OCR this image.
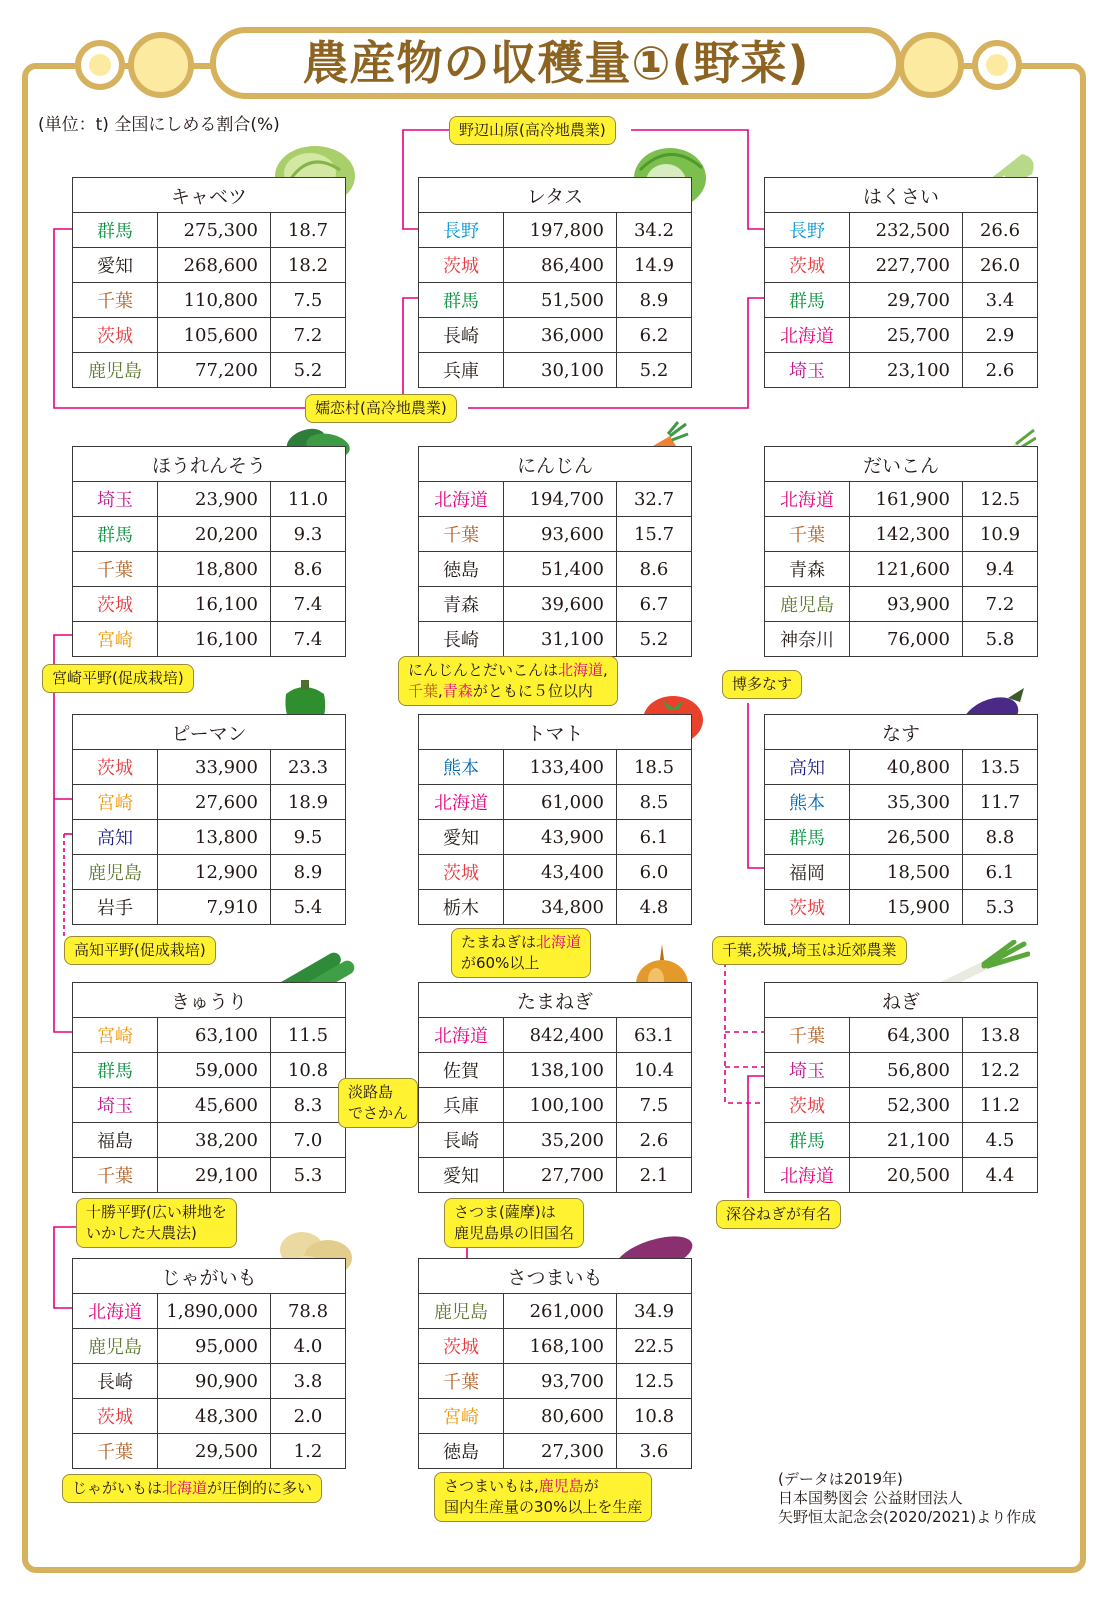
農産物の収穫量①(野菜)
(単位：t) 全国にしめる割合(%)
キャベツ		
群馬	275,300	18.7
愛知	268,600	18.2
千葉	110,800	7.5
茨城	105,600	7.2
鹿児島	77,200	5.2
レタス		
長野	197,800	34.2
茨城	86,400	14.9
群馬	51,500	8.9
長崎	36,000	6.2
兵庫	30,100	5.2
はくさい		
長野	232,500	26.6
茨城	227,700	26.0
群馬	29,700	3.4
北海道	25,700	2.9
埼玉	23,100	2.6
ほうれんそう		
埼玉	23,900	11.0
群馬	20,200	9.3
千葉	18,800	8.6
茨城	16,100	7.4
宮崎	16,100	7.4
にんじん		
北海道	194,700	32.7
千葉	93,600	15.7
徳島	51,400	8.6
青森	39,600	6.7
長崎	31,100	5.2
だいこん		
北海道	161,900	12.5
千葉	142,300	10.9
青森	121,600	9.4
鹿児島	93,900	7.2
神奈川	76,000	5.8
ピーマン		
茨城	33,900	23.3
宮崎	27,600	18.9
高知	13,800	9.5
鹿児島	12,900	8.9
岩手	7,910	5.4
トマト		
熊本	133,400	18.5
北海道	61,000	8.5
愛知	43,900	6.1
茨城	43,400	6.0
栃木	34,800	4.8
なす		
高知	40,800	13.5
熊本	35,300	11.7
群馬	26,500	8.8
福岡	18,500	6.1
茨城	15,900	5.3
きゅうり		
宮崎	63,100	11.5
群馬	59,000	10.8
埼玉	45,600	8.3
福島	38,200	7.0
千葉	29,100	5.3
たまねぎ		
北海道	842,400	63.1
佐賀	138,100	10.4
兵庫	100,100	7.5
長崎	35,200	2.6
愛知	27,700	2.1
ねぎ		
千葉	64,300	13.8
埼玉	56,800	12.2
茨城	52,300	11.2
群馬	21,100	4.5
北海道	20,500	4.4
じゃがいも		
北海道	1,890,000	78.8
鹿児島	95,000	4.0
長崎	90,900	3.8
茨城	48,300	2.0
千葉	29,500	1.2
さつまいも		
鹿児島	261,000	34.9
茨城	168,100	22.5
千葉	93,700	12.5
宮崎	80,600	10.8
徳島	27,300	3.6
野辺山原(高冷地農業)
嬬恋村(高冷地農業)
宮崎平野(促成栽培)	にんじんとだいこんは北海道,
千葉,青森がともに５位以内	博多なす
高知平野(促成栽培)	たまねぎは北海道
が60%以上
千葉,茨城,埼玉は近郊農業
淡路島
でさかん
十勝平野(広い耕地を
いかした大農法)
さつま(薩摩)は
鹿児島県の旧国名
深谷ねぎが有名
じゃがいもは北海道が圧倒的に多い	さつまいもは,鹿児島が
国内生産量の30%以上を生産
(データは2019年)
日本国勢図会 公益財団法人
矢野恒太記念会(2020/2021)より作成
